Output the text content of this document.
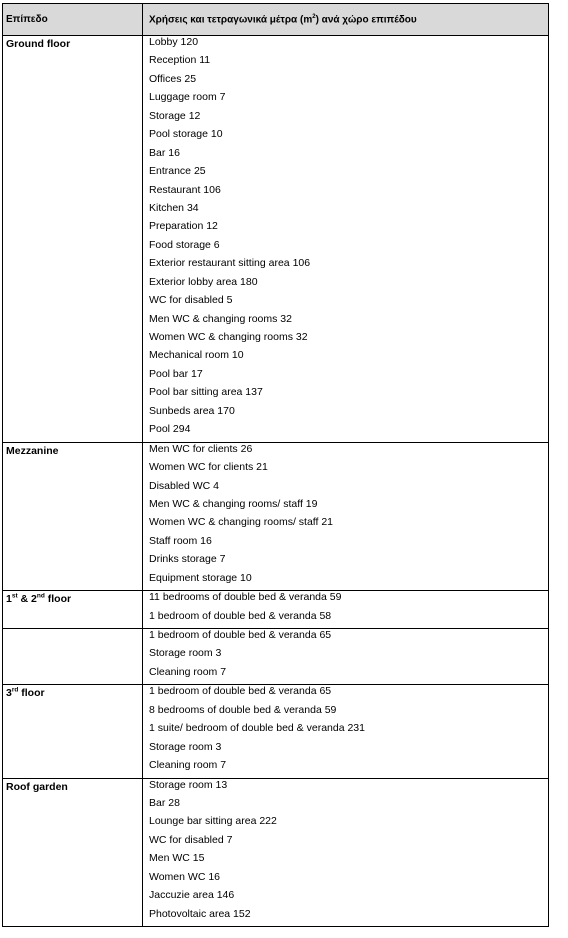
Επίπεδο	Χρήσεις και τετραγωνικά μέτρα $(m^2)$ ανά χώρο επιπέδου
Ground floor	Lobby 120
Reception 11
Offices 25
Luggage room 7
Storage 12
Pool storage 10
Bar 16
Entrance 25
Restaurant 106
Kitchen 34
Preparation 12
Food storage 6
Exterior restaurant sitting area 106
Exterior lobby area 180
WC for disabled 5
Men WC & changing rooms 32
Women WC & changing rooms 32
Mechanical room 10
Pool bar 17
Pool bar sitting area 137
Sunbeds area 170
Pool 294
Mezzanine	Men WC for clients 26
Women WC for clients 21
Disabled WC 4
Men WC & changing rooms/ staff 19
Women WC & changing rooms/ staff 21
Staff room 16
Drinks storage 7
Equipment storage 10
1st & 2nd floor	11 bedrooms of double bed & veranda 59
1 bedroom of double bed & veranda 58
1 bedroom of double bed & veranda 65
Storage room 3
Cleaning room 7
3rd floor	1 bedroom of double bed & veranda 65
8 bedrooms of double bed & veranda 59
1 suite/ bedroom of double bed & veranda 231
Storage room 3
Cleaning room 7
Roof garden	Storage room 13
Bar 28
Lounge bar sitting area 222
WC for disabled 7
Men WC 15
Women WC 16
Jaccuzie area 146
Photovoltaic area 152
